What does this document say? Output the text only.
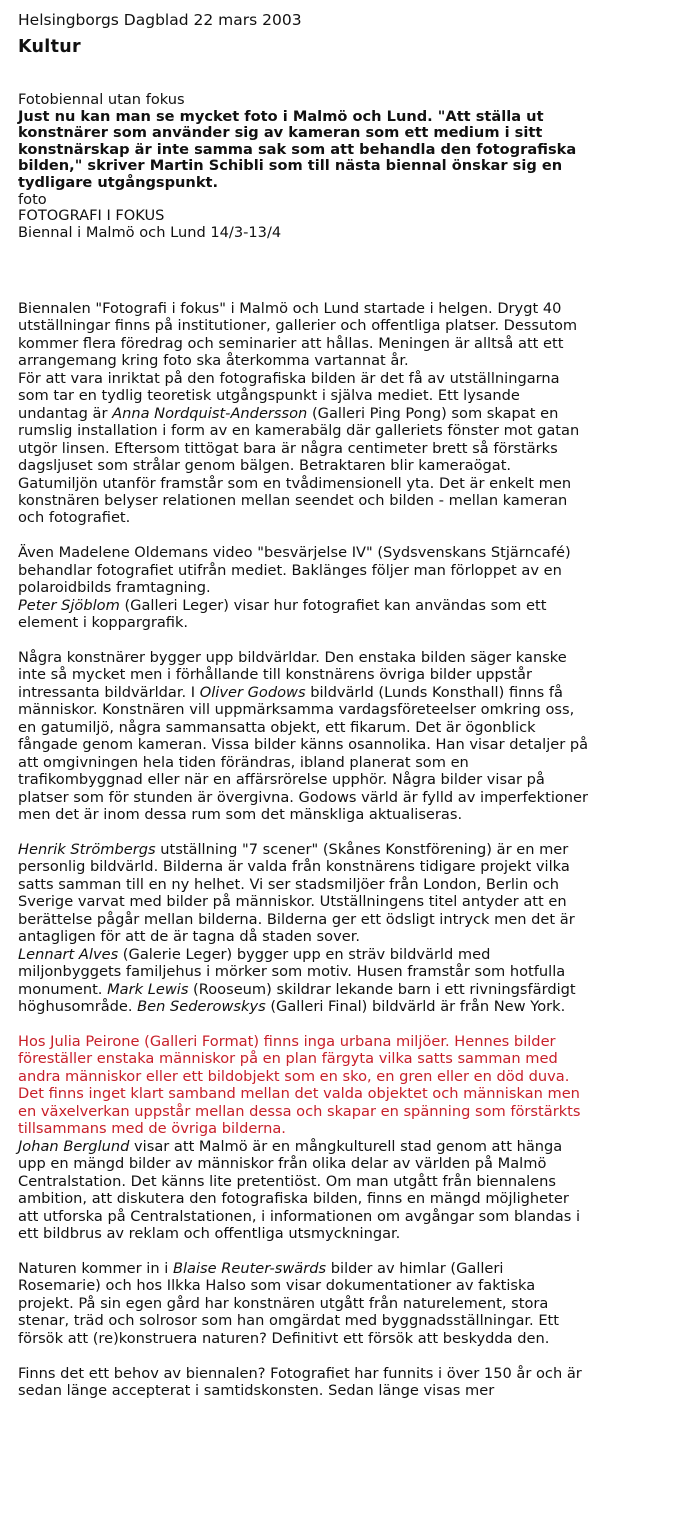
Helsingborgs Dagblad 22 mars 2003
Kultur
Fotobiennal utan fokus
Just nu kan man se mycket foto i Malmö och Lund. "Att ställa ut
konstnärer som använder sig av kameran som ett medium i sitt
konstnärskap är inte samma sak som att behandla den fotografiska
bilden," skriver Martin Schibli som till nästa biennal önskar sig en
tydligare utgångspunkt.
foto
FOTOGRAFI I FOKUS
Biennal i Malmö och Lund 14/3-13/4
Biennalen "Fotografi i fokus" i Malmö och Lund startade i helgen. Drygt 40
utställningar finns på institutioner, gallerier och offentliga platser. Dessutom
kommer flera föredrag och seminarier att hållas. Meningen är alltså att ett
arrangemang kring foto ska återkomma vartannat år.
För att vara inriktat på den fotografiska bilden är det få av utställningarna
som tar en tydlig teoretisk utgångspunkt i själva mediet. Ett lysande
undantag är Anna Nordquist-Andersson (Galleri Ping Pong) som skapat en
rumslig installation i form av en kamerabälg där galleriets fönster mot gatan
utgör linsen. Eftersom tittögat bara är några centimeter brett så förstärks
dagsljuset som strålar genom bälgen. Betraktaren blir kameraögat.
Gatumiljön utanför framstår som en tvådimensionell yta. Det är enkelt men
konstnären belyser relationen mellan seendet och bilden - mellan kameran
och fotografiet.
Även Madelene Oldemans video "besvärjelse IV" (Sydsvenskans Stjärncafé)
behandlar fotografiet utifrån mediet. Baklänges följer man förloppet av en
polaroidbilds framtagning.
Peter Sjöblom (Galleri Leger) visar hur fotografiet kan användas som ett
element i koppargrafik.
Några konstnärer bygger upp bildvärldar. Den enstaka bilden säger kanske
inte så mycket men i förhållande till konstnärens övriga bilder uppstår
intressanta bildvärldar. I Oliver Godows bildvärld (Lunds Konsthall) finns få
människor. Konstnären vill uppmärksamma vardagsföreteelser omkring oss,
en gatumiljö, några sammansatta objekt, ett fikarum. Det är ögonblick
fångade genom kameran. Vissa bilder känns osannolika. Han visar detaljer på
att omgivningen hela tiden förändras, ibland planerat som en
trafikombyggnad eller när en affärsrörelse upphör. Några bilder visar på
platser som för stunden är övergivna. Godows värld är fylld av imperfektioner
men det är inom dessa rum som det mänskliga aktualiseras.
Henrik Strömbergs utställning "7 scener" (Skånes Konstförening) är en mer
personlig bildvärld. Bilderna är valda från konstnärens tidigare projekt vilka
satts samman till en ny helhet. Vi ser stadsmiljöer från London, Berlin och
Sverige varvat med bilder på människor. Utställningens titel antyder att en
berättelse pågår mellan bilderna. Bilderna ger ett ödsligt intryck men det är
antagligen för att de är tagna då staden sover.
Lennart Alves (Galerie Leger) bygger upp en sträv bildvärld med
miljonbyggets familjehus i mörker som motiv. Husen framstår som hotfulla
monument. Mark Lewis (Rooseum) skildrar lekande barn i ett rivningsfärdigt
höghusområde. Ben Sederowskys (Galleri Final) bildvärld är från New York.
Hos Julia Peirone (Galleri Format) finns inga urbana miljöer. Hennes bilder
föreställer enstaka människor på en plan färgyta vilka satts samman med
andra människor eller ett bildobjekt som en sko, en gren eller en död duva.
Det finns inget klart samband mellan det valda objektet och människan men
en växelverkan uppstår mellan dessa och skapar en spänning som förstärkts
tillsammans med de övriga bilderna.
Johan Berglund visar att Malmö är en mångkulturell stad genom att hänga
upp en mängd bilder av människor från olika delar av världen på Malmö
Centralstation. Det känns lite pretentiöst. Om man utgått från biennalens
ambition, att diskutera den fotografiska bilden, finns en mängd möjligheter
att utforska på Centralstationen, i informationen om avgångar som blandas i
ett bildbrus av reklam och offentliga utsmyckningar.
Naturen kommer in i Blaise Reuter-swärds bilder av himlar (Galleri
Rosemarie) och hos Ilkka Halso som visar dokumentationer av faktiska
projekt. På sin egen gård har konstnären utgått från naturelement, stora
stenar, träd och solrosor som han omgärdat med byggnadsställningar. Ett
försök att (re)konstruera naturen? Definitivt ett försök att beskydda den.
Finns det ett behov av biennalen? Fotografiet har funnits i över 150 år och är
sedan länge accepterat i samtidskonsten. Sedan länge visas mer
